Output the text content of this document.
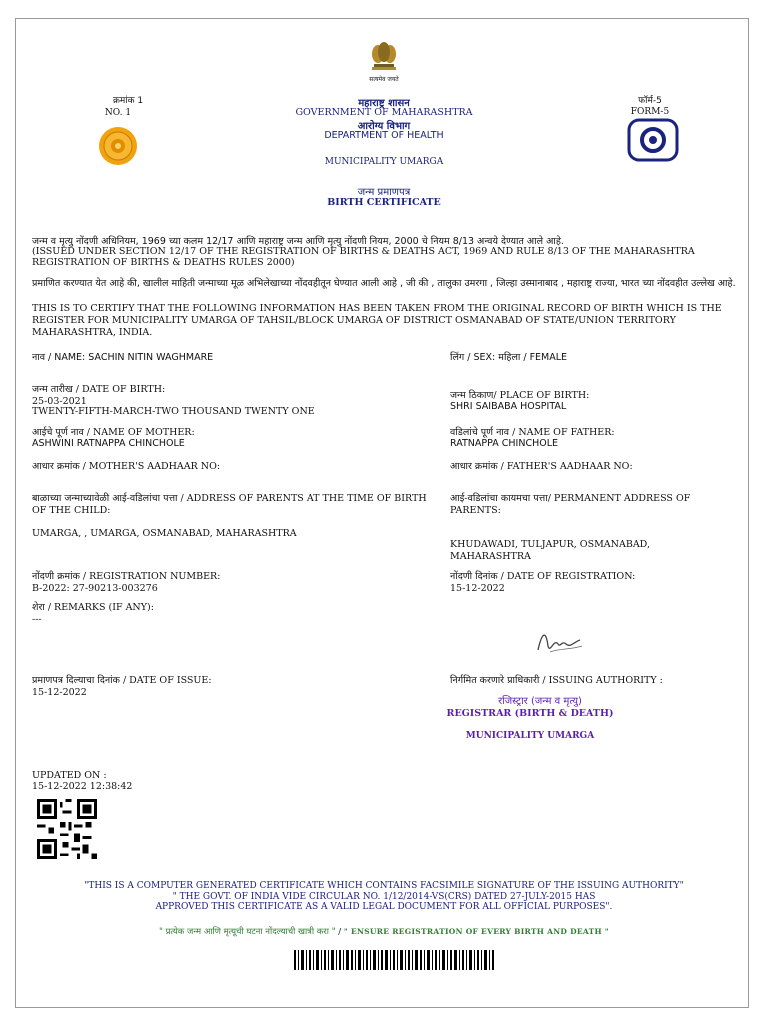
सत्यमेव जयते
क्रमांक 1
NO. 1
महाराष्ट्र शासन
GOVERNMENT OF MAHARASHTRA
आरोग्य विभाग
DEPARTMENT OF HEALTH
MUNICIPALITY UMARGA
जन्म प्रमाणपत्र
BIRTH CERTIFICATE
फॉर्म-5
FORM-5
जन्म व मृत्यु नोंदणी अधिनियम, 1969 च्या कलम 12/17 आणि महाराष्ट्र जन्म आणि मृत्यु नोंदणी नियम, 2000 चे नियम 8/13 अन्वये देण्यात आले आहे.
(ISSUED UNDER SECTION 12/17 OF THE REGISTRATION OF BIRTHS & DEATHS ACT, 1969 AND RULE 8/13 OF THE MAHARASHTRA REGISTRATION OF BIRTHS & DEATHS RULES 2000)
प्रमाणित करण्यात येत आहे की, खालील माहिती जन्माच्या मूळ अभिलेखाच्या नोंदवहीतून घेण्यात आली आहे , जी की , तालुका उमरगा , जिल्हा उस्मानाबाद , महाराष्ट्र राज्या, भारत च्या नोंदवहीत उल्लेख आहे.
THIS IS TO CERTIFY THAT THE FOLLOWING INFORMATION HAS BEEN TAKEN FROM THE ORIGINAL RECORD OF BIRTH WHICH IS THE REGISTER FOR MUNICIPALITY UMARGA OF TAHSIL/BLOCK UMARGA OF DISTRICT OSMANABAD OF STATE/UNION TERRITORY MAHARASHTRA, INDIA.
नाव / NAME: SACHIN NITIN WAGHMARE	लिंग / SEX: महिला / FEMALE
जन्म तारीख / DATE OF BIRTH:
25-03-2021
TWENTY-FIFTH-MARCH-TWO THOUSAND TWENTY ONE
जन्म ठिकाण/ PLACE OF BIRTH:
SHRI SAIBABA HOSPITAL
आईचे पूर्ण नाव / NAME OF MOTHER:
ASHWINI RATNAPPA CHINCHOLE
वडिलांचे पूर्ण नाव / NAME OF FATHER:
RATNAPPA CHINCHOLE
आधार क्रमांक / MOTHER'S AADHAAR NO:	आधार क्रमांक / FATHER'S AADHAAR NO:
बाळाच्या जन्माच्यावेळी आई-वडिलांचा पत्ता / ADDRESS OF PARENTS AT THE TIME OF BIRTH OF THE CHILD:
UMARGA, , UMARGA, OSMANABAD, MAHARASHTRA
आई-वडिलांचा कायमचा पत्ता/ PERMANENT ADDRESS OF PARENTS:
KHUDAWADI, TULJAPUR, OSMANABAD, MAHARASHTRA
नोंदणी क्रमांक / REGISTRATION NUMBER:
B-2022: 27-90213-003276
नोंदणी दिनांक / DATE OF REGISTRATION:
15-12-2022
शेरा / REMARKS (IF ANY):
---
प्रमाणपत्र दिल्याचा दिनांक / DATE OF ISSUE:
15-12-2022
निर्गमित करणारे प्राधिकारी / ISSUING AUTHORITY :
रजिस्ट्रार (जन्म व मृत्यु)
REGISTRAR (BIRTH & DEATH)
MUNICIPALITY UMARGA
UPDATED ON :
15-12-2022 12:38:42
"THIS IS A COMPUTER GENERATED CERTIFICATE WHICH CONTAINS FACSIMILE SIGNATURE OF THE ISSUING AUTHORITY"
" THE GOVT. OF INDIA VIDE CIRCULAR NO. 1/12/2014-VS(CRS) DATED 27-JULY-2015 HAS
APPROVED THIS CERTIFICATE AS A VALID LEGAL DOCUMENT FOR ALL OFFICIAL PURPOSES".
" प्रत्येक जन्म आणि मृत्यूची घटना नोंदल्याची खात्री करा " / " ENSURE REGISTRATION OF EVERY BIRTH AND DEATH "
